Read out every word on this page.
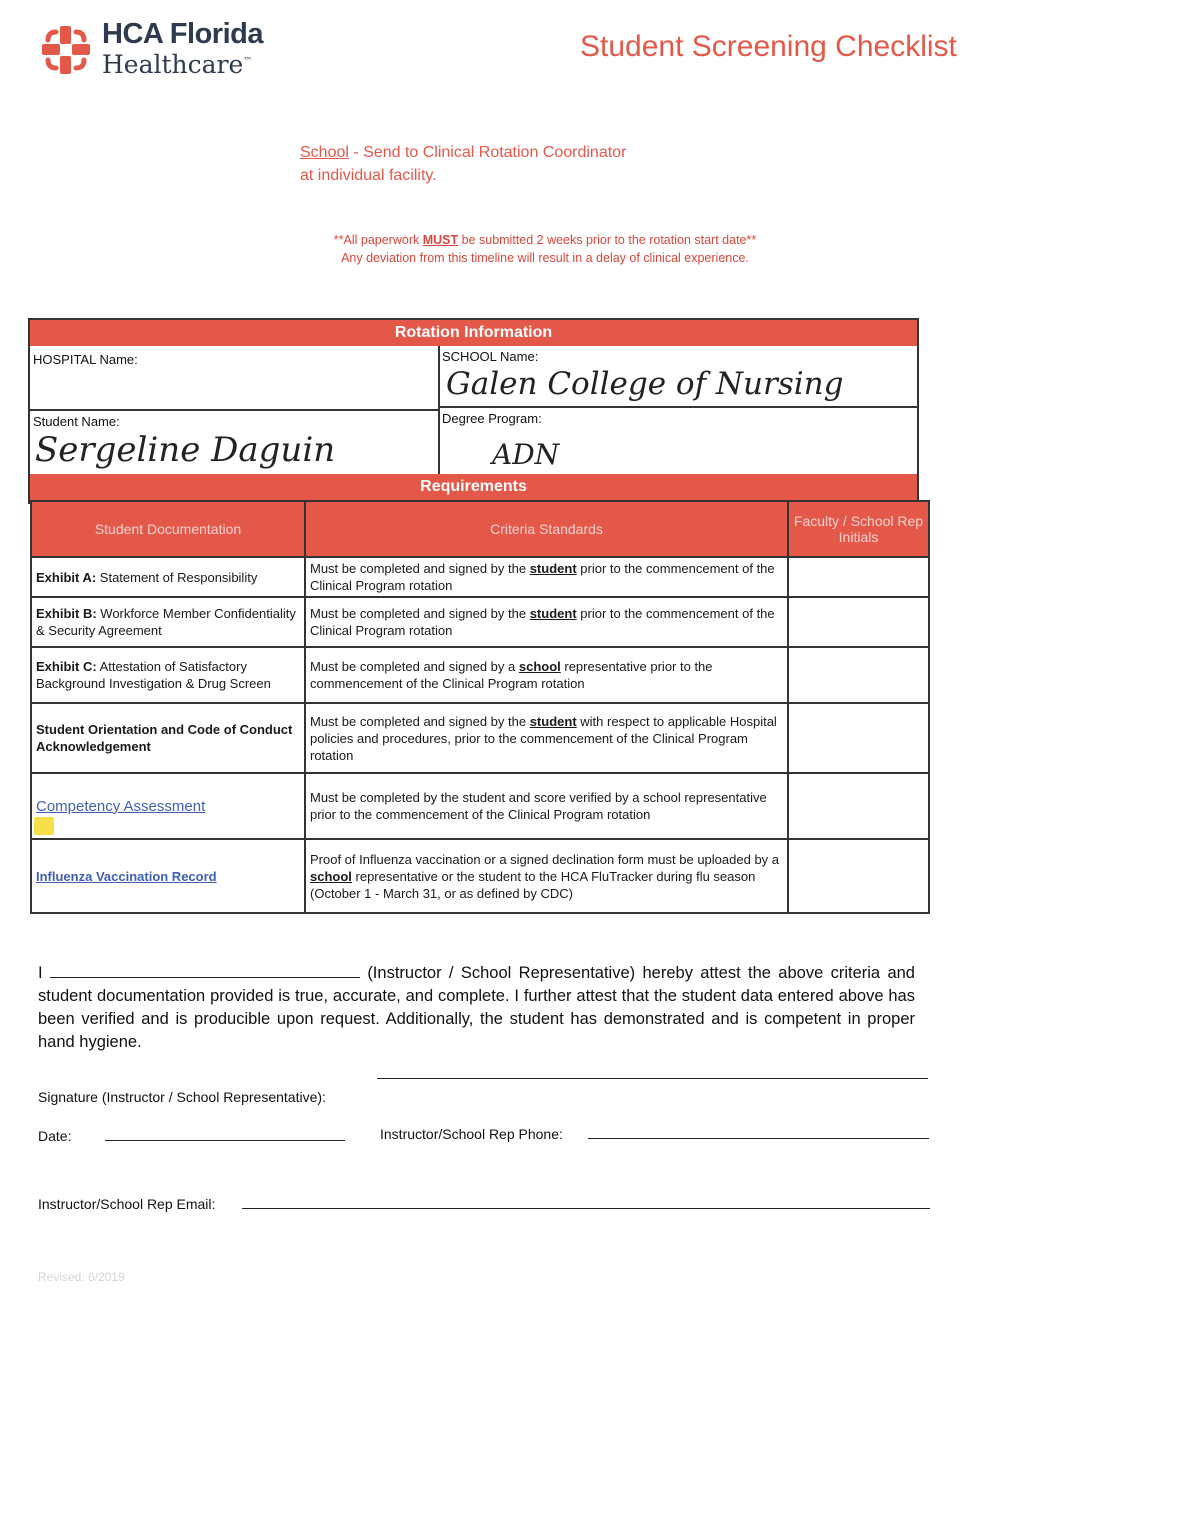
HCA Florida
Healthcare™	Student Screening Checklist
School - Send to Clinical Rotation Coordinator
at individual facility.
**All paperwork MUST be submitted 2 weeks prior to the rotation start date**
Any deviation from this timeline will result in a delay of clinical experience.
Rotation Information
Requirements
HOSPITAL Name:	SCHOOL Name:
Galen College of Nursing
Student Name:
Sergeline Daguin
Degree Program:
ADN
Student Documentation	Criteria Standards	Faculty / School Rep Initials
Exhibit A: Statement of Responsibility	Must be completed and signed by the student prior to the commencement of the Clinical Program rotation	
Exhibit B: Workforce Member Confidentiality & Security Agreement	Must be completed and signed by the student prior to the commencement of the Clinical Program rotation	
Exhibit C: Attestation of Satisfactory Background Investigation & Drug Screen	Must be completed and signed by a school representative prior to the commencement of the Clinical Program rotation	
Student Orientation and Code of Conduct Acknowledgement	Must be completed and signed by the student with respect to applicable Hospital policies and procedures, prior to the commencement of the Clinical Program rotation	
Competency Assessment	Must be completed by the student and score verified by a school representative prior to the commencement of the Clinical Program rotation	
Influenza Vaccination Record	Proof of Influenza vaccination or a signed declination form must be uploaded by a school representative or the student to the HCA FluTracker during flu season (October 1 - March 31, or as defined by CDC)	
I	(Instructor / School Representative) hereby attest the above criteria and student documentation provided is true, accurate, and complete. I further attest that the student data entered above has been verified and is producible upon request. Additionally, the student has demonstrated and is competent in proper hand hygiene.
Signature (Instructor / School Representative):
Date:	Instructor/School Rep Phone:
Instructor/School Rep Email:
Revised: 6/2019
